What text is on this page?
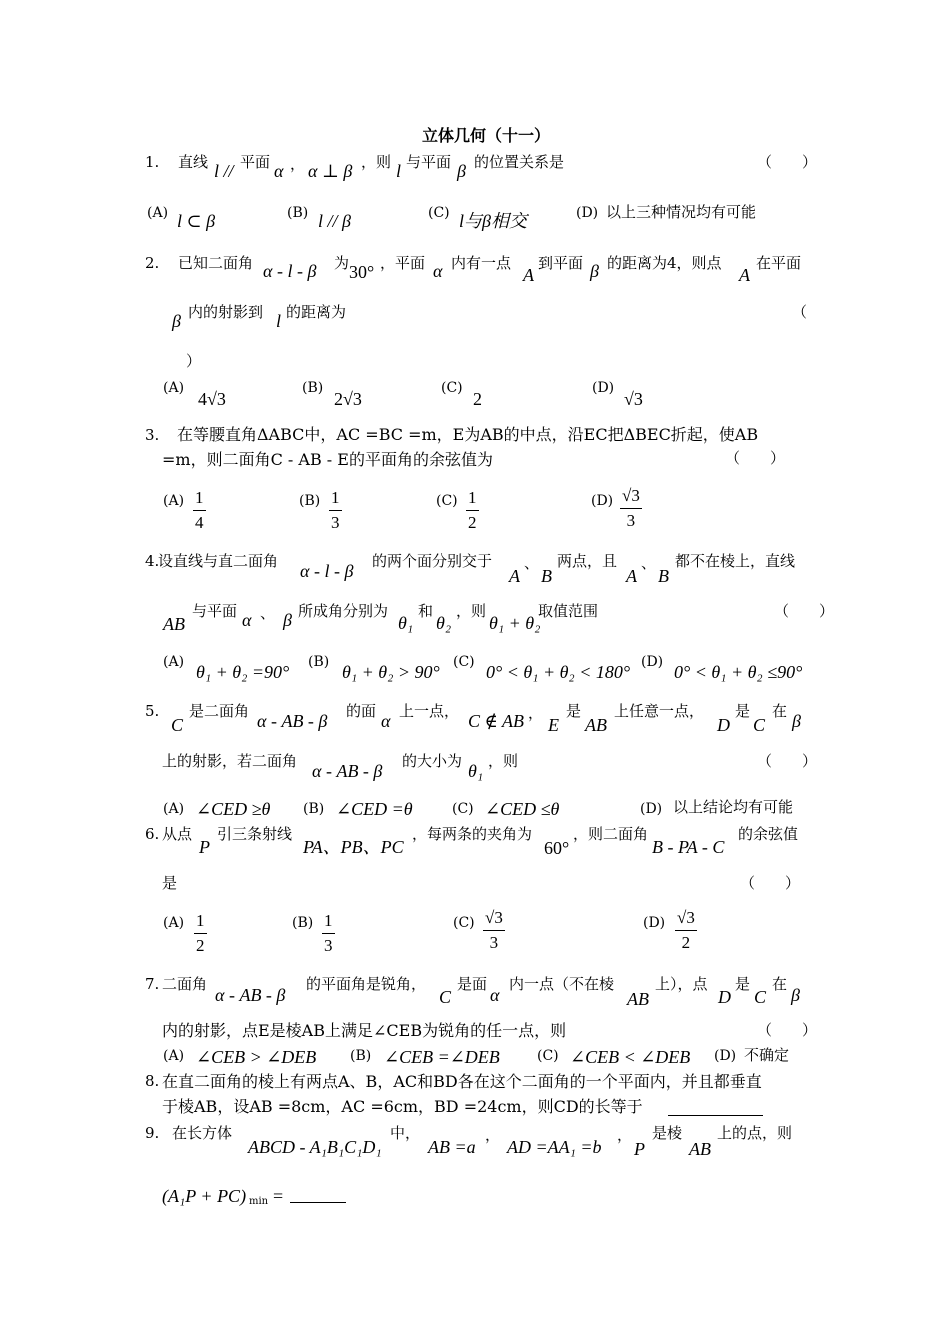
立体几何（十一）
1. 直线 l // 平面 α ， α ⊥ β ，则 l 与平面 β 的位置关系是	（　　）
(A) l ⊂ β	(B) l // β	(C) l与β相交	(D) 以上三种情况均有可能
2. 已知二面角 α - l - β 为 30° ，平面 α 内有一点
A
到平面 β 的距离为4，则点
A
在平面
β 内的射影到 l 的距离为	（
）
(A)
4√3
(B)
2√3
(C)
2
(D)
√3
3. 在等腰直角ΔABC中，AC =BC =m，E为AB的中点，沿EC把ΔBEC折起，使AB
=m，则二面角C - AB - E的平面角的余弦值为	（　　）
(A) 1
4
(B) 1
3
(C) 1
2
(D) √3
3
4.
设直线与直二面角 α - l - β 的两个面分别交于
A
、
B
两点，且
A
、
B
都不在棱上，直线
AB
与平面 α 、 β 所成角分别为
θ₁
和
θ₂
，则
θ₁ + θ₂
取值范围	（　　）
(A) θ₁ + θ₂ =90° (B) θ₁ + θ₂ > 90° (C) 0° < θ₁ + θ₂ < 180° (D) 0° < θ₁ + θ₂ ≤90°
5.
C
是二面角 α - AB - β 的面 α 上一点， C ∉ AB ，
E
是
AB
上任意一点，
D
是
C
在 β
上的射影，若二面角 α - AB - β 的大小为 θ₁ ，则	（　　）
(A) ∠CED ≥θ (B) ∠CED =θ	(C) ∠CED ≤θ	(D) 以上结论均有可能
6. 从点
P
引三条射线
PA、PB、PC
，每两条的夹角为
60°
，则二面角
B - PA - C
的余弦值
是	（　　）
(A) 1
2
(B) 1
3
(C) √3
3
(D) √3
2
7. 二面角
α - AB - β
的平面角是锐角，
C
是面
α
内一点（不在棱
AB
上），点
D
是
C
在
β
内的射影，点E是棱AB上满足∠CEB为锐角的任一点，则	（　　）
(A) ∠CEB > ∠DEB (B) ∠CEB =∠DEB	(C) ∠CEB < ∠DEB (D) 不确定
8. 在直二面角的棱上有两点A、B，AC和BD各在这个二面角的一个平面内，并且都垂直
于棱AB，设AB =8cm，AC =6cm，BD =24cm，则CD的长等于
9. 在长方体
ABCD - A₁B₁C₁D₁
中，
AB =a
，
AD =AA₁ =b
，
P
是棱
AB
上的点，则
(A₁P + PC) min =
